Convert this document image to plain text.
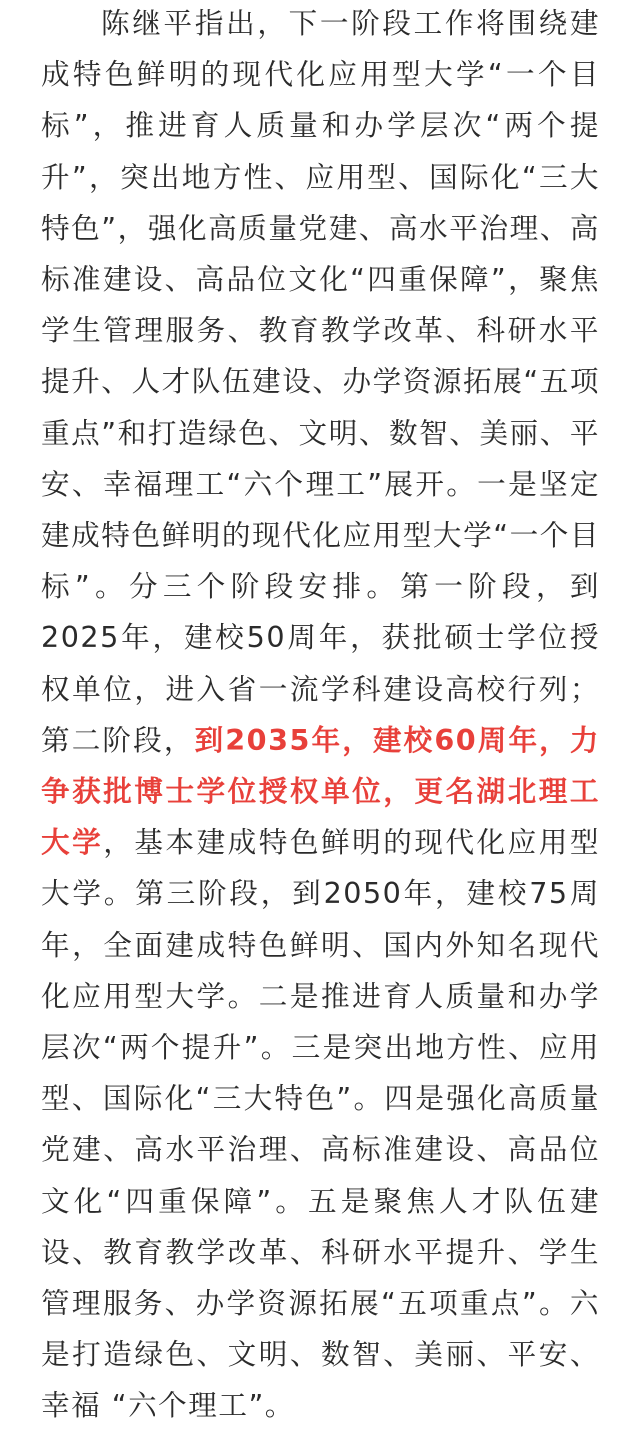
陈继平指出，下一阶段工作将围绕建成特色鲜明的现代化应用型大学“一个目标”，推进育人质量和办学层次“两个提升”，突出地方性、应用型、国际化“三大特色”，强化高质量党建、高水平治理、高标准建设、高品位文化“四重保障”，聚焦学生管理服务、教育教学改革、科研水平提升、人才队伍建设、办学资源拓展“五项重点”和打造绿色、文明、数智、美丽、平安、幸福理工“六个理工”展开。一是坚定建成特色鲜明的现代化应用型大学“一个目标”。分三个阶段安排。第一阶段，到2025年，建校50周年，获批硕士学位授权单位，进入省一流学科建设高校行列；第二阶段，到2035年，建校60周年，力争获批博士学位授权单位，更名湖北理工大学，基本建成特色鲜明的现代化应用型大学。第三阶段，到2050年，建校75周年，全面建成特色鲜明、国内外知名现代化应用型大学。二是推进育人质量和办学层次“两个提升”。三是突出地方性、应用型、国际化“三大特色”。四是强化高质量党建、高水平治理、高标准建设、高品位文化“四重保障”。五是聚焦人才队伍建设、教育教学改革、科研水平提升、学生管理服务、办学资源拓展“五项重点”。六是打造绿色、文明、数智、美丽、平安、幸福 “六个理工”。
